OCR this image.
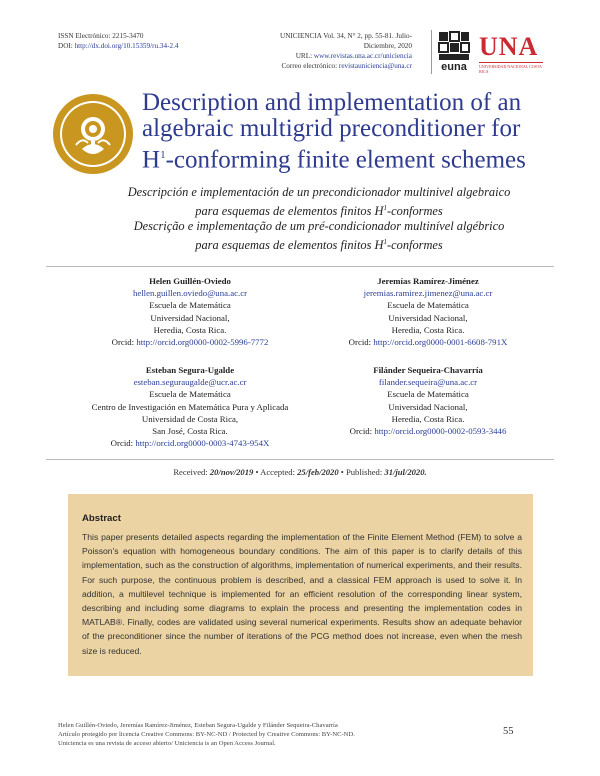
ISSN Electrónico: 2215-3470
DOI: http://dx.doi.org/10.15359/ru.34-2.4
UNICIENCIA Vol. 34, N° 2, pp. 55-81. Julio-Diciembre, 2020
URL: www.revistas.una.ac.cr/uniciencia
Correo electrónico: revistauniciencia@una.cr	euna
UNA
UNIVERSIDAD NACIONAL COSTA RICA
Description and implementation of an
algebraic multigrid preconditioner for
$H^1$-conforming finite element schemes
Descripción e implementación de un precondicionador multinivel algebraico
para esquemas de elementos finitos $H^1$-conformes
Descrição e implementação de um pré-condicionador multinível algébrico
para esquemas de elementos finitos $H^1$-conformes
Helen Guillén-Oviedo
hellen.guillen.oviedo@una.ac.cr
Escuela de Matemática
Universidad Nacional,
Heredia, Costa Rica.
Orcid: http://orcid.org0000-0002-5996-7772
Jeremías Ramírez-Jiménez
jeremias.ramirez.jimenez@una.ac.cr
Escuela de Matemática
Universidad Nacional,
Heredia, Costa Rica.
Orcid: http://orcid.org0000-0001-6608-791X
Esteban Segura-Ugalde
esteban.seguraugalde@ucr.ac.cr
Escuela de Matemática
Centro de Investigación en Matemática Pura y Aplicada
Universidad de Costa Rica,
San José, Costa Rica.
Orcid: http://orcid.org0000-0003-4743-954X
Filánder Sequeira-Chavarría
filander.sequeira@una.ac.cr
Escuela de Matemática
Universidad Nacional,
Heredia, Costa Rica.
Orcid: http://orcid.org0000-0002-0593-3446
Received: 20/nov/2019 • Accepted: 25/feb/2020 • Published: 31/jul/2020.
Abstract
This paper presents detailed aspects regarding the implementation of the Finite Element Method (FEM) to solve a Poisson's equation with homogeneous boundary conditions. The aim of this paper is to clarify details of this implementation, such as the construction of algorithms, implementation of numerical experiments, and their results. For such purpose, the continuous problem is described, and a classical FEM approach is used to solve it. In addition, a multilevel technique is implemented for an efficient resolution of the corresponding linear system, describing and including some diagrams to explain the process and presenting the implementation codes in MATLAB®. Finally, codes are validated using several numerical experiments. Results show an adequate behavior of the preconditioner since the number of iterations of the PCG method does not increase, even when the mesh size is reduced.
Helen Guillén-Oviedo, Jeremías Ramírez-Jiménez, Esteban Segura-Ugalde y Filánder Sequeira-Chavarría
Artículo protegido por licencia Creative Commons: BY-NC-ND / Protected by Creative Commons: BY-NC-ND.
Uniciencia es una revista de acceso abierto/ Uniciencia is an Open Access Journal.
55
